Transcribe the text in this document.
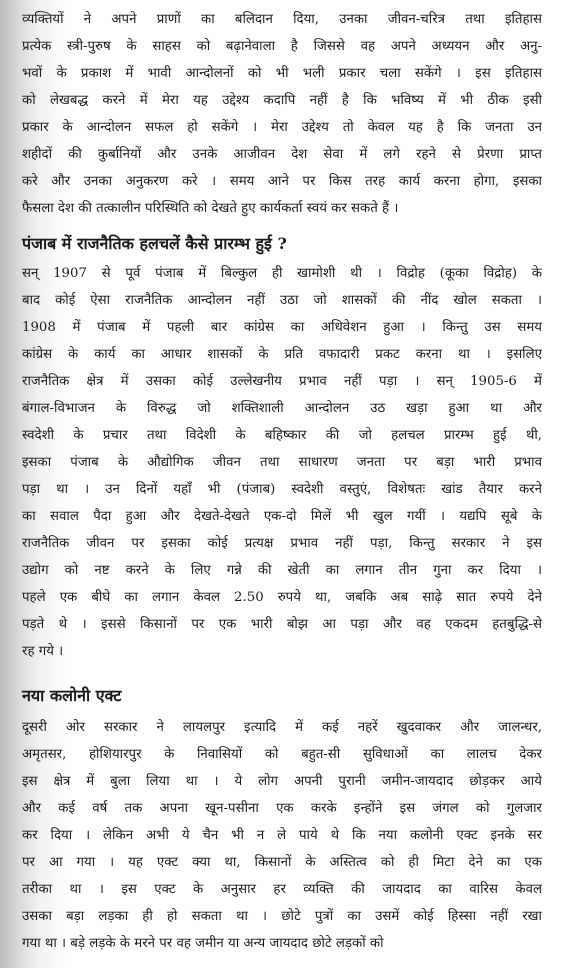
व्यक्तियों ने अपने प्राणों का बलिदान दिया, उनका जीवन-चरित्र तथा इतिहास
प्रत्येक स्त्री-पुरुष के साहस को बढ़ानेवाला है जिससे वह अपने अध्ययन और अनु-
भवों के प्रकाश में भावी आन्दोलनों को भी भली प्रकार चला सकेंगे । इस इतिहास
को लेखबद्ध करने में मेरा यह उद्देश्य कदापि नहीं है कि भविष्य में भी ठीक इसी
प्रकार के आन्दोलन सफल हो सकेंगे । मेरा उद्देश्य तो केवल यह है कि जनता उन
शहीदों की कुर्बानियों और उनके आजीवन देश सेवा में लगे रहने से प्रेरणा प्राप्त
करे और उनका अनुकरण करे । समय आने पर किस तरह कार्य करना होगा, इसका
फैसला देश की तत्कालीन परिस्थिति को देखते हुए कार्यकर्ता स्वयं कर सकते हैं ।
पंजाब में राजनैतिक हलचलें कैसे प्रारम्भ हुई ?
सन् 1907 से पूर्व पंजाब में बिल्कुल ही खामोशी थी । विद्रोह (कूका विद्रोह) के
बाद कोई ऐसा राजनैतिक आन्दोलन नहीं उठा जो शासकों की नींद खोल सकता ।
1908 में पंजाब में पहली बार कांग्रेस का अधिवेशन हुआ । किन्तु उस समय
कांग्रेस के कार्य का आधार शासकों के प्रति वफादारी प्रकट करना था । इसलिए
राजनैतिक क्षेत्र में उसका कोई उल्लेखनीय प्रभाव नहीं पड़ा । सन् 1905-6 में
बंगाल-विभाजन के विरुद्ध जो शक्तिशाली आन्दोलन उठ खड़ा हुआ था और
स्वदेशी के प्रचार तथा विदेशी के बहिष्कार की जो हलचल प्रारम्भ हुई थी,
इसका पंजाब के औद्योगिक जीवन तथा साधारण जनता पर बड़ा भारी प्रभाव
पड़ा था । उन दिनों यहाँ भी (पंजाब) स्वदेशी वस्तुएं, विशेषतः खांड तैयार करने
का सवाल पैदा हुआ और देखते-देखते एक-दो मिलें भी खुल गयीं । यद्यपि सूबे के
राजनैतिक जीवन पर इसका कोई प्रत्यक्ष प्रभाव नहीं पड़ा, किन्तु सरकार ने इस
उद्योग को नष्ट करने के लिए गन्ने की खेती का लगान तीन गुना कर दिया ।
पहले एक बीघे का लगान केवल 2.50 रुपये था, जबकि अब साढ़े सात रुपये देने
पड़ते थे । इससे किसानों पर एक भारी बोझ आ पड़ा और वह एकदम हतबुद्धि-से
रह गये ।
नया कलोनी एक्ट
दूसरी ओर सरकार ने लायलपुर इत्यादि में कई नहरें खुदवाकर और जालन्धर,
अमृतसर, होशियारपुर के निवासियों को बहुत-सी सुविधाओं का लालच देकर
इस क्षेत्र में बुला लिया था । ये लोग अपनी पुरानी जमीन-जायदाद छोड़कर आये
और कई वर्ष तक अपना खून-पसीना एक करके इन्होंने इस जंगल को गुलजार
कर दिया । लेकिन अभी ये चैन भी न ले पाये थे कि नया कलोनी एक्ट इनके सर
पर आ गया । यह एक्ट क्या था, किसानों के अस्तित्व को ही मिटा देने का एक
तरीका था । इस एक्ट के अनुसार हर व्यक्ति की जायदाद का वारिस केवल
उसका बड़ा लड़का ही हो सकता था । छोटे पुत्रों का उसमें कोई हिस्सा नहीं रखा
गया था । बड़े लड़के के मरने पर वह जमीन या अन्य जायदाद छोटे लड़कों को
